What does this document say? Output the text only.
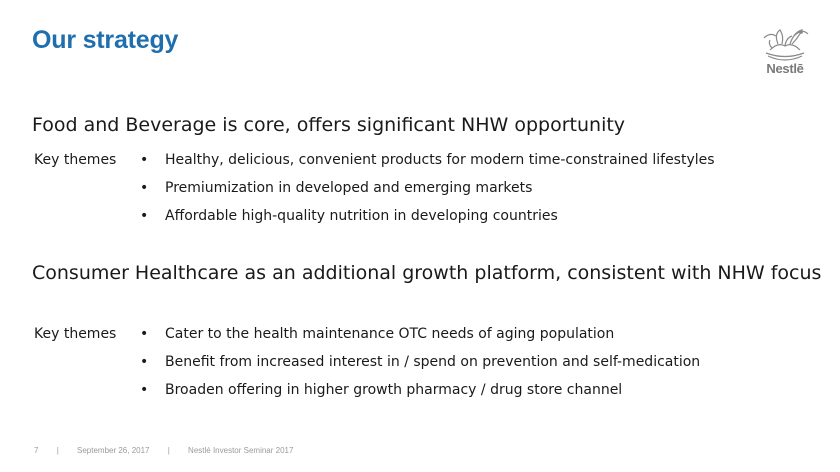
Our strategy
Nestlē
Food and Beverage is core, offers significant NHW opportunity
Key themes • Healthy, delicious, convenient products for modern time-constrained lifestyles
• Premiumization in developed and emerging markets
• Affordable high-quality nutrition in developing countries
Consumer Healthcare as an additional growth platform, consistent with NHW focus
Key themes • Cater to the health maintenance OTC needs of aging population
• Benefit from increased interest in / spend on prevention and self-medication
• Broaden offering in higher growth pharmacy / drug store channel
7 | September 26, 2017 | Nestlé Investor Seminar 2017
